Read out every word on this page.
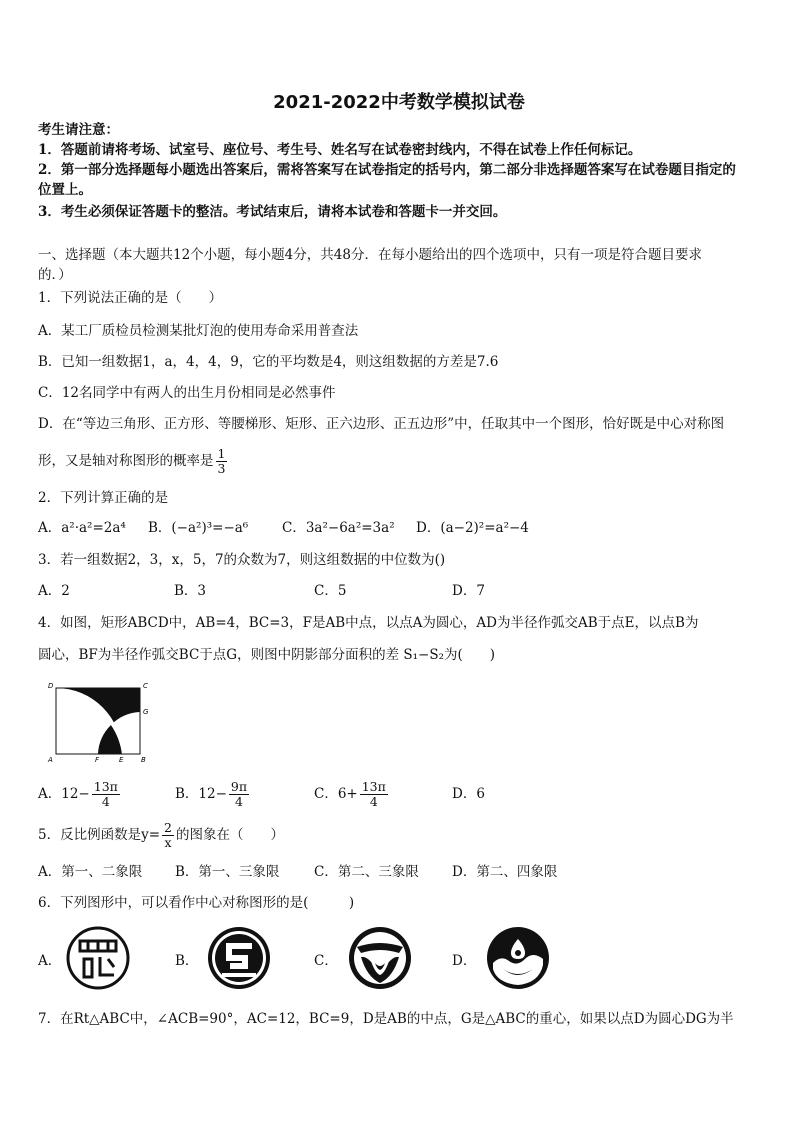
2021-2022中考数学模拟试卷
考生请注意：
1．答题前请将考场、试室号、座位号、考生号、姓名写在试卷密封线内，不得在试卷上作任何标记。
2．第一部分选择题每小题选出答案后，需将答案写在试卷指定的括号内，第二部分非选择题答案写在试卷题目指定的
位置上。
3．考生必须保证答题卡的整洁。考试结束后，请将本试卷和答题卡一并交回。
一、选择题（本大题共12个小题，每小题4分，共48分．在每小题给出的四个选项中，只有一项是符合题目要求
的．）
1．下列说法正确的是（　　）
A．某工厂质检员检测某批灯泡的使用寿命采用普查法
B．已知一组数据1，a，4，4，9，它的平均数是4，则这组数据的方差是7.6
C．12名同学中有两人的出生月份相同是必然事件
D．在“等边三角形、正方形、等腰梯形、矩形、正六边形、正五边形”中，任取其中一个图形，恰好既是中心对称图
形，又是轴对称图形的概率是 $\frac{1}{3}$
2．下列计算正确的是
A．a²·a²=2a⁴ B．(−a²)³=−a⁶	C．3a²−6a²=3a² D．(a−2)²=a²−4
3．若一组数据2，3，x，5，7的众数为7，则这组数据的中位数为()
A．2	B．3	C．5	D．7
4．如图，矩形ABCD中，AB=4，BC=3，F是AB中点，以点A为圆心，AD为半径作弧交AB于点E，以点B为
圆心，BF为半径作弧交BC于点G，则图中阴影部分面积的差 S₁−S₂为(　　)
D	C
G
A	F	E	B
A．$12- \frac{13\pi}{4}$	B．$12- \frac{9\pi}{4}$	C．$6+ \frac{13\pi}{4}$	D．6
5．反比例函数是$y= \frac{2}{x}$ 的图象在（　　）
A．第一、二象限 B．第一、三象限	C．第二、三象限 D．第二、四象限
6．下列图形中，可以看作中心对称图形的是(　　　)
A．	B．	C．	D．
7．在Rt△ABC中，∠ACB=90°，AC=12，BC=9，D是AB的中点，G是△ABC的重心，如果以点D为圆心DG为半
